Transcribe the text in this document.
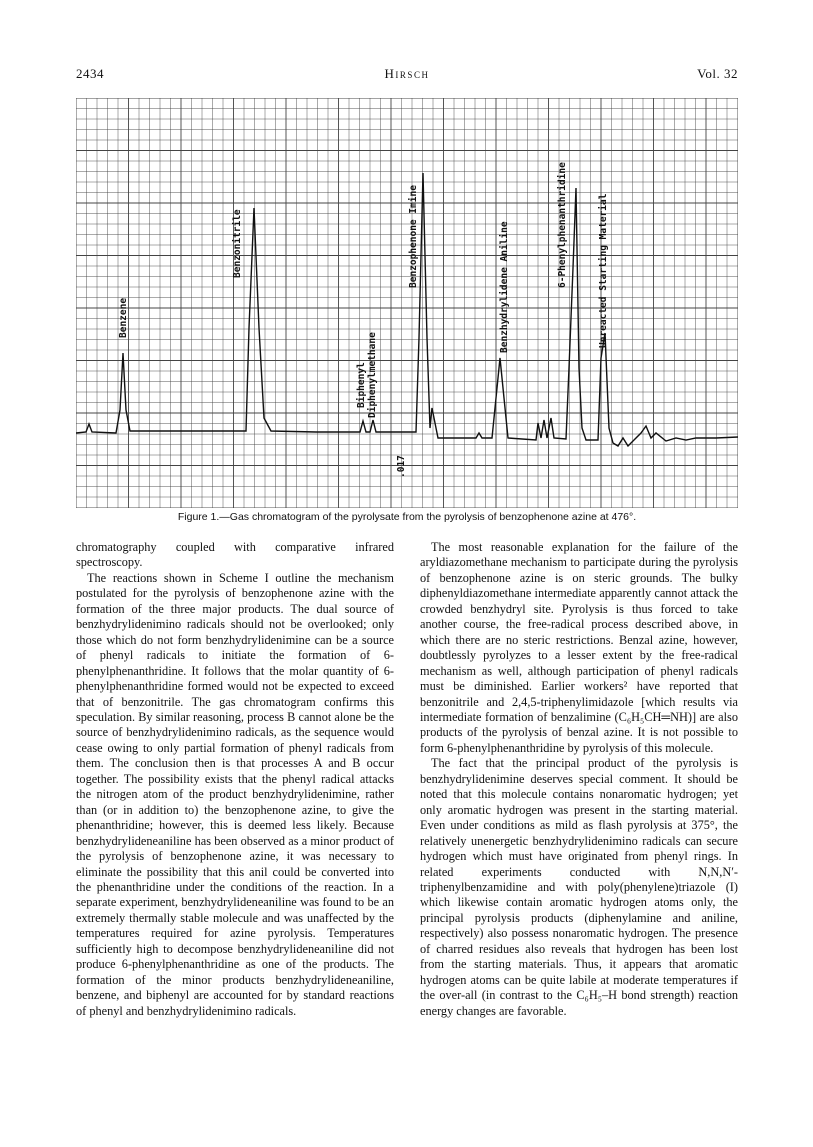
2434	Hirsch	Vol. 32
Benzene
Benzonitrile
Biphenyl Diphenylmethane
Benzophenone Imine	Benzhydrylidene Aniline	6-Phenylphenanthridine	Unreacted Starting Material
.017
Figure 1.—Gas chromatogram of the pyrolysate from the pyrolysis of benzophenone azine at 476°.

chromatography coupled with comparative infrared spectroscopy.

The reactions shown in Scheme I outline the mechanism postulated for the pyrolysis of benzophenone azine with the formation of the three major products. The dual source of benzhydrylidenimino radicals should not be overlooked; only those which do not form benzhydrylidenimine can be a source of phenyl radicals to initiate the formation of 6-phenylphenanthridine. It follows that the molar quantity of 6-phenylphenanthridine formed would not be expected to exceed that of benzonitrile. The gas chromatogram confirms this speculation. By similar reasoning, process B cannot alone be the source of benzhydrylidenimino radicals, as the sequence would cease owing to only partial formation of phenyl radicals from them. The conclusion then is that processes A and B occur together. The possibility exists that the phenyl radical attacks the nitrogen atom of the product benzhydrylidenimine, rather than (or in addition to) the benzophenone azine, to give the phenanthridine; however, this is deemed less likely. Because benzhydrylideneaniline has been observed as a minor product of the pyrolysis of benzophenone azine, it was necessary to eliminate the possibility that this anil could be converted into the phenanthridine under the conditions of the reaction. In a separate experiment, benzhydrylideneaniline was found to be an extremely thermally stable molecule and was unaffected by the temperatures required for azine pyrolysis. Temperatures sufficiently high to decompose benzhydrylideneaniline did not produce 6-phenylphenanthridine as one of the products. The formation of the minor products benzhydrylideneaniline, benzene, and biphenyl are accounted for by standard reactions of phenyl and benzhydrylidenimino radicals.

The most reasonable explanation for the failure of the aryldiazomethane mechanism to participate during the pyrolysis of benzophenone azine is on steric grounds. The bulky diphenyldiazomethane intermediate apparently cannot attack the crowded benzhydryl site. Pyrolysis is thus forced to take another course, the free-radical process described above, in which there are no steric restrictions. Benzal azine, however, doubtlessly pyrolyzes to a lesser extent by the free-radical mechanism as well, although participation of phenyl radicals must be diminished. Earlier workers² have reported that benzonitrile and 2,4,5-triphenylimidazole [which results via intermediate formation of benzalimine (C₆H₅CH═NH)] are also products of the pyrolysis of benzal azine. It is not possible to form 6-phenylphenanthridine by pyrolysis of this molecule.

The fact that the principal product of the pyrolysis is benzhydrylidenimine deserves special comment. It should be noted that this molecule contains nonaromatic hydrogen; yet only aromatic hydrogen was present in the starting material. Even under conditions as mild as flash pyrolysis at 375°, the relatively unenergetic benzhydrylidenimino radicals can secure hydrogen which must have originated from phenyl rings. In related experiments conducted with N,N,N′-triphenylbenzamidine and with poly(phenylene)triazole (I) which likewise contain aromatic hydrogen atoms only, the principal pyrolysis products (diphenylamine and aniline, respectively) also possess nonaromatic hydrogen. The presence of charred residues also reveals that hydrogen has been lost from the starting materials. Thus, it appears that aromatic hydrogen atoms can be quite labile at moderate temperatures if the over-all (in contrast to the C₆H₅–H bond strength) reaction energy changes are favorable.
